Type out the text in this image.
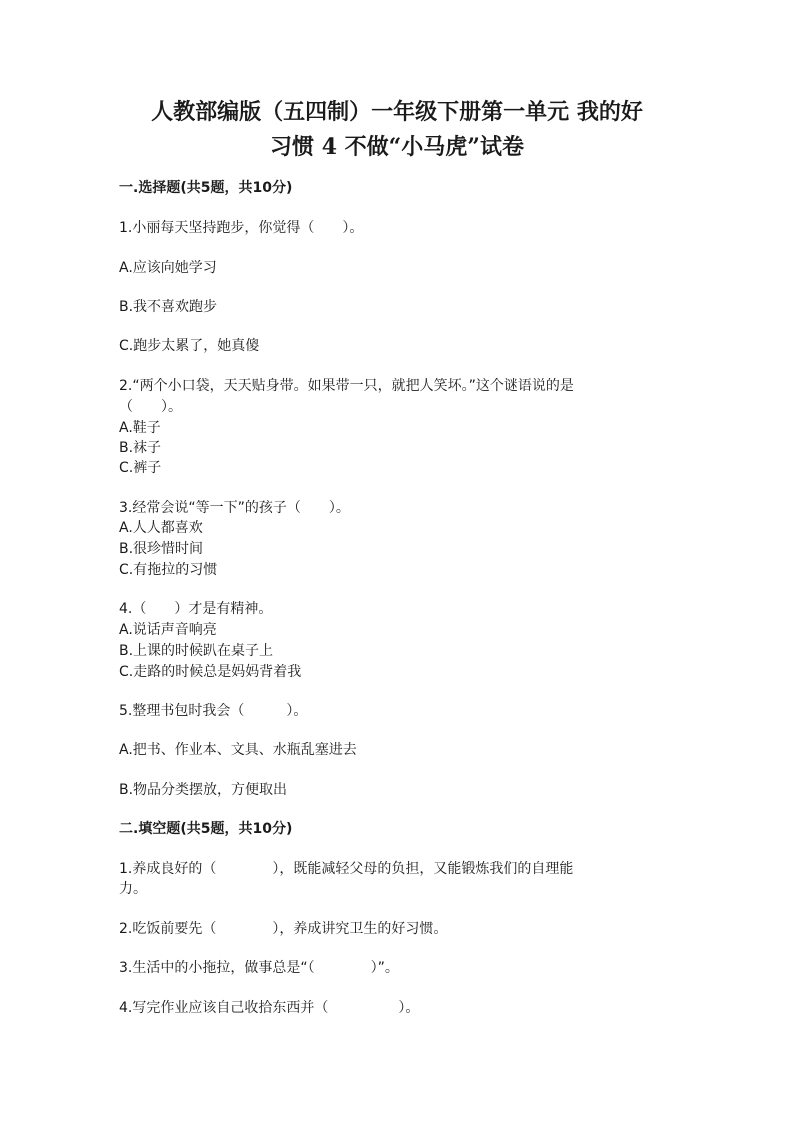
人教部编版（五四制）一年级下册第一单元 我的好
习惯 4 不做“小马虎”试卷
一.选择题(共5题，共10分)
1.小丽每天坚持跑步，你觉得（　　）。
A.应该向她学习
B.我不喜欢跑步
C.跑步太累了，她真傻
2.“两个小口袋，天天贴身带。如果带一只，就把人笑坏。”这个谜语说的是
（　　）。
A.鞋子
B.袜子
C.裤子
3.经常会说“等一下”的孩子（　　）。
A.人人都喜欢
B.很珍惜时间
C.有拖拉的习惯
4.（　　）才是有精神。
A.说话声音响亮
B.上课的时候趴在桌子上
C.走路的时候总是妈妈背着我
5.整理书包时我会（　　　）。
A.把书、作业本、文具、水瓶乱塞进去
B.物品分类摆放，方便取出
二.填空题(共5题，共10分)
1.养成良好的（　　　　），既能减轻父母的负担，又能锻炼我们的自理能
力。
2.吃饭前要先（　　　　），养成讲究卫生的好习惯。
3.生活中的小拖拉，做事总是“（　　　　）”。
4.写完作业应该自己收拾东西并（　　　　　）。
